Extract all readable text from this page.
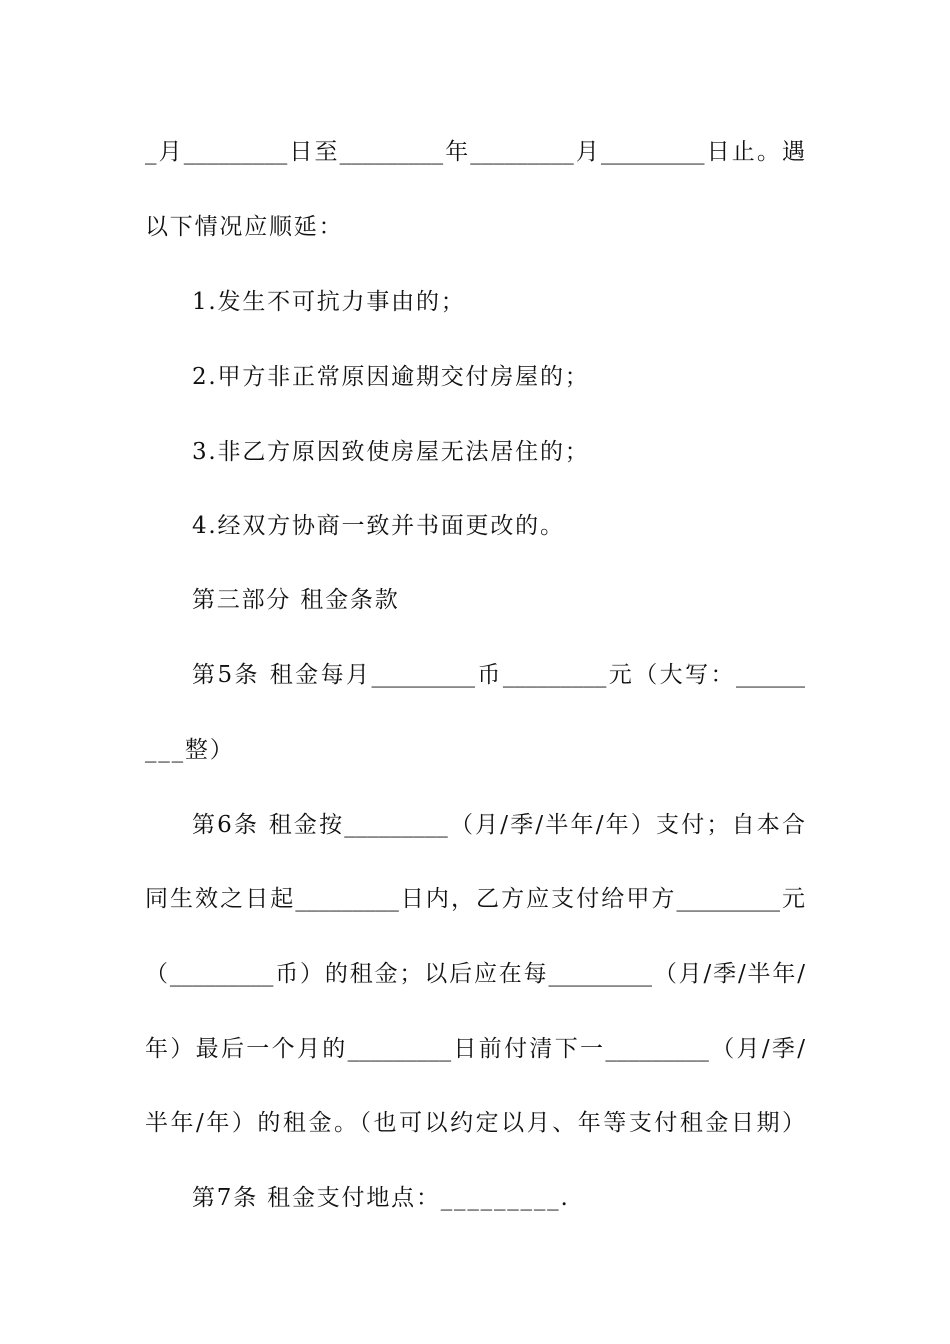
_月_________日至_________年_________月_________日止。遇
以下情况应顺延：
1.发生不可抗力事由的；
2.甲方非正常原因逾期交付房屋的；
3.非乙方原因致使房屋无法居住的；
4.经双方协商一致并书面更改的。
第三部分 租金条款
第5条 租金每月_________币_________元（大写：______
___整）
第6条 租金按_________（月/季/半年/年）支付；自本合
同生效之日起_________日内，乙方应支付给甲方_________元
（_________币）的租金；以后应在每_________（月/季/半年/
年）最后一个月的_________日前付清下一_________（月/季/
半年/年）的租金。（也可以约定以月、年等支付租金日期）
第7条 租金支付地点：_________.
